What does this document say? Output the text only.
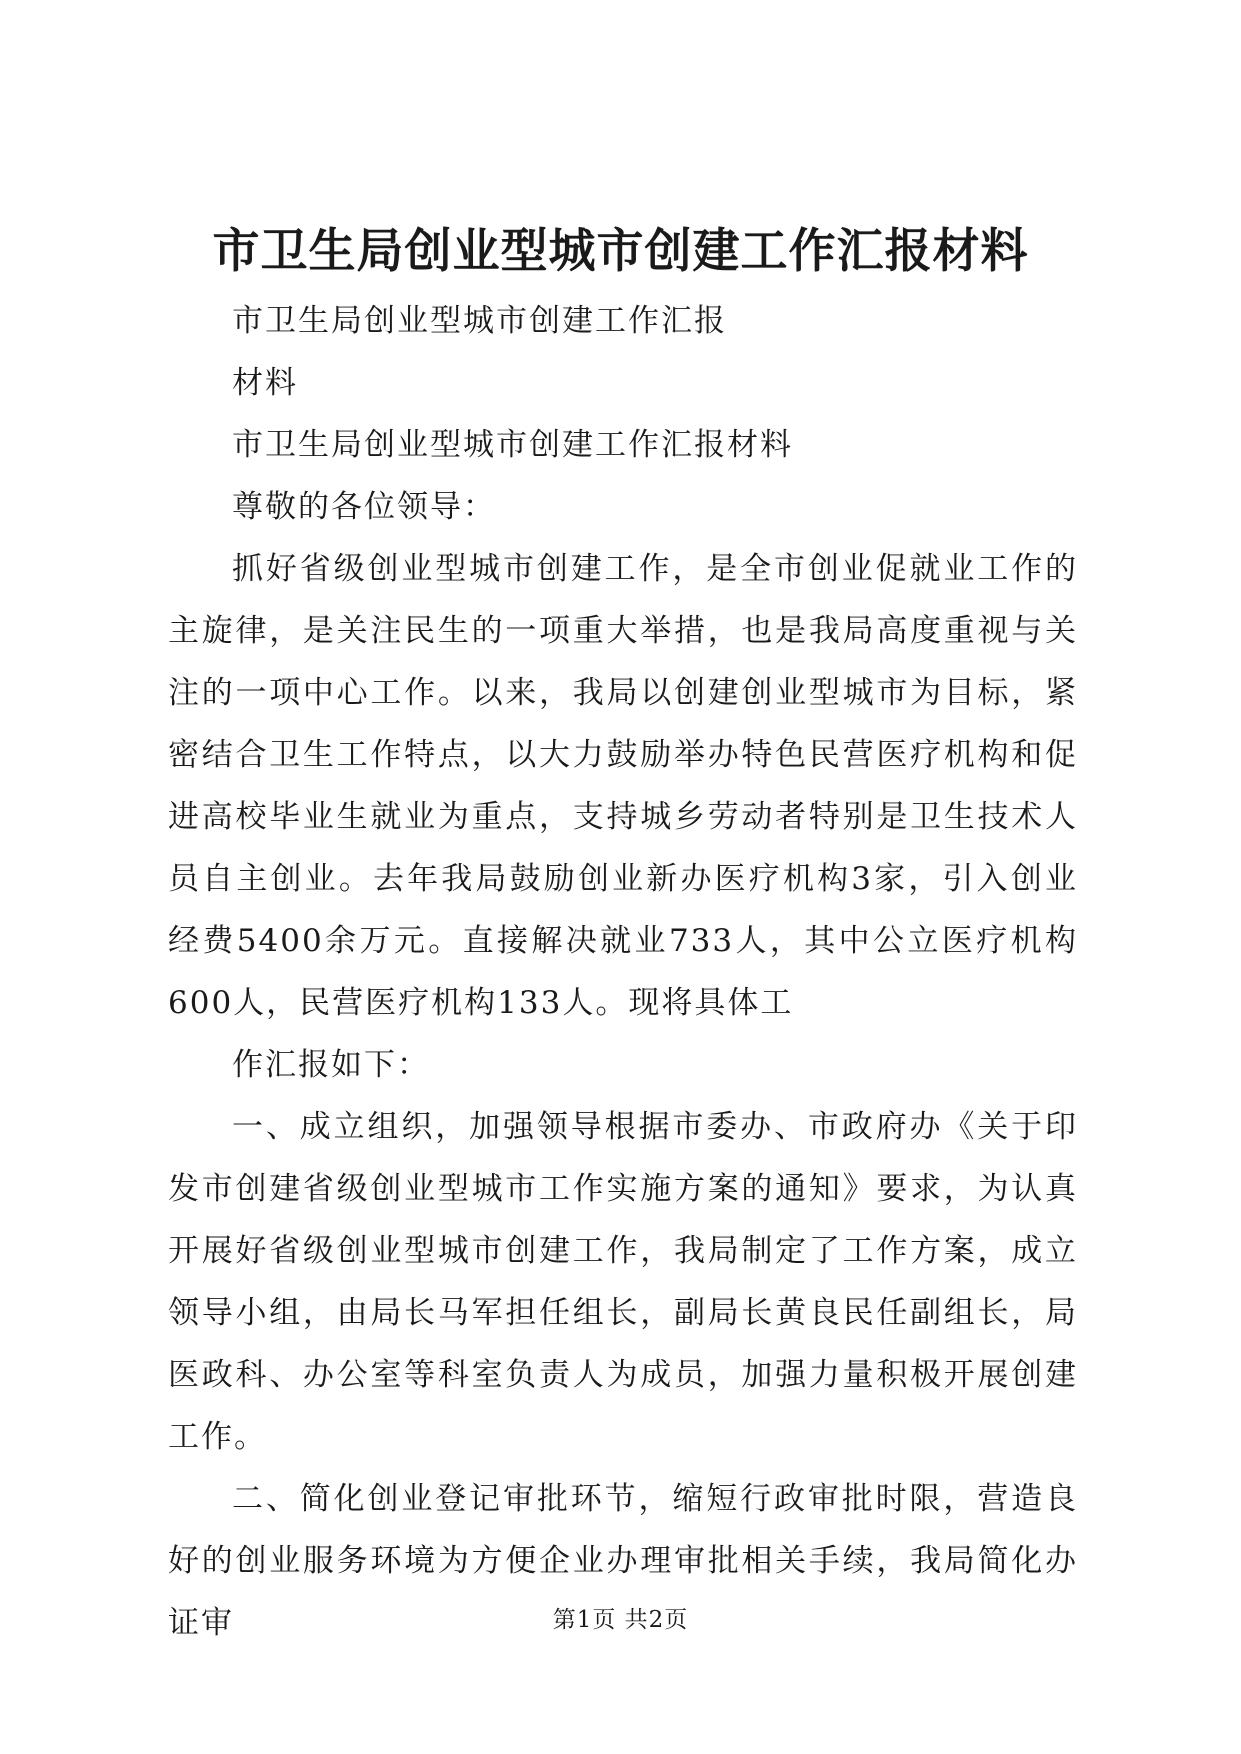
市卫生局创业型城市创建工作汇报材料

市卫生局创业型城市创建工作汇报

材料

市卫生局创业型城市创建工作汇报材料

尊敬的各位领导：

抓好省级创业型城市创建工作，是全市创业促就业工作的主旋律，是关注民生的一项重大举措，也是我局高度重视与关注的一项中心工作。以来，我局以创建创业型城市为目标，紧密结合卫生工作特点，以大力鼓励举办特色民营医疗机构和促进高校毕业生就业为重点，支持城乡劳动者特别是卫生技术人员自主创业。去年我局鼓励创业新办医疗机构3家，引入创业经费5400余万元。直接解决就业733人，其中公立医疗机构600人，民营医疗机构133人。现将具体工

作汇报如下：

一、成立组织，加强领导根据市委办、市政府办《关于印发市创建省级创业型城市工作实施方案的通知》要求，为认真开展好省级创业型城市创建工作，我局制定了工作方案，成立领导小组，由局长马军担任组长，副局长黄良民任副组长，局医政科、办公室等科室负责人为成员，加强力量积极开展创建工作。

二、简化创业登记审批环节，缩短行政审批时限，营造良好的创业服务环境为方便企业办理审批相关手续，我局简化办证审	第1页 共2页
